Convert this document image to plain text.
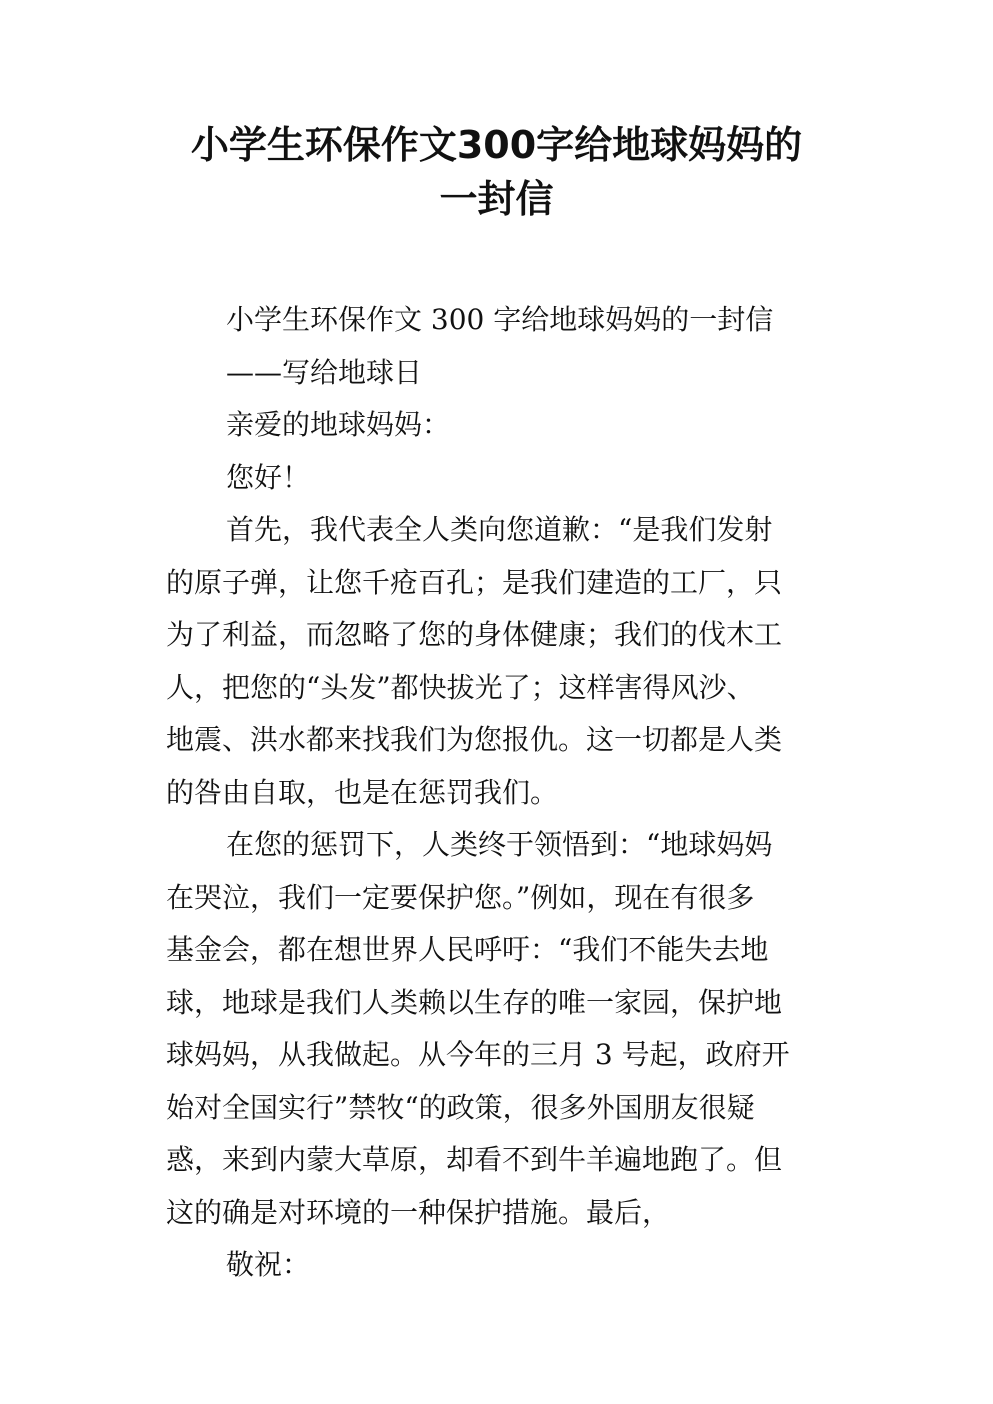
小学生环保作文300字给地球妈妈的
一封信
小学生环保作文 300 字给地球妈妈的一封信
——写给地球日
亲爱的地球妈妈：
您好！
首先，我代表全人类向您道歉：“是我们发射
的原子弹，让您千疮百孔；是我们建造的工厂，只
为了利益，而忽略了您的身体健康；我们的伐木工
人，把您的“头发”都快拔光了；这样害得风沙、
地震、洪水都来找我们为您报仇。这一切都是人类
的咎由自取，也是在惩罚我们。
在您的惩罚下，人类终于领悟到：“地球妈妈
在哭泣，我们一定要保护您。”例如，现在有很多
基金会，都在想世界人民呼吁：“我们不能失去地
球，地球是我们人类赖以生存的唯一家园，保护地
球妈妈，从我做起。从今年的三月 3 号起，政府开
始对全国实行”禁牧“的政策，很多外国朋友很疑
惑，来到内蒙大草原，却看不到牛羊遍地跑了。但
这的确是对环境的一种保护措施。最后，
敬祝：
